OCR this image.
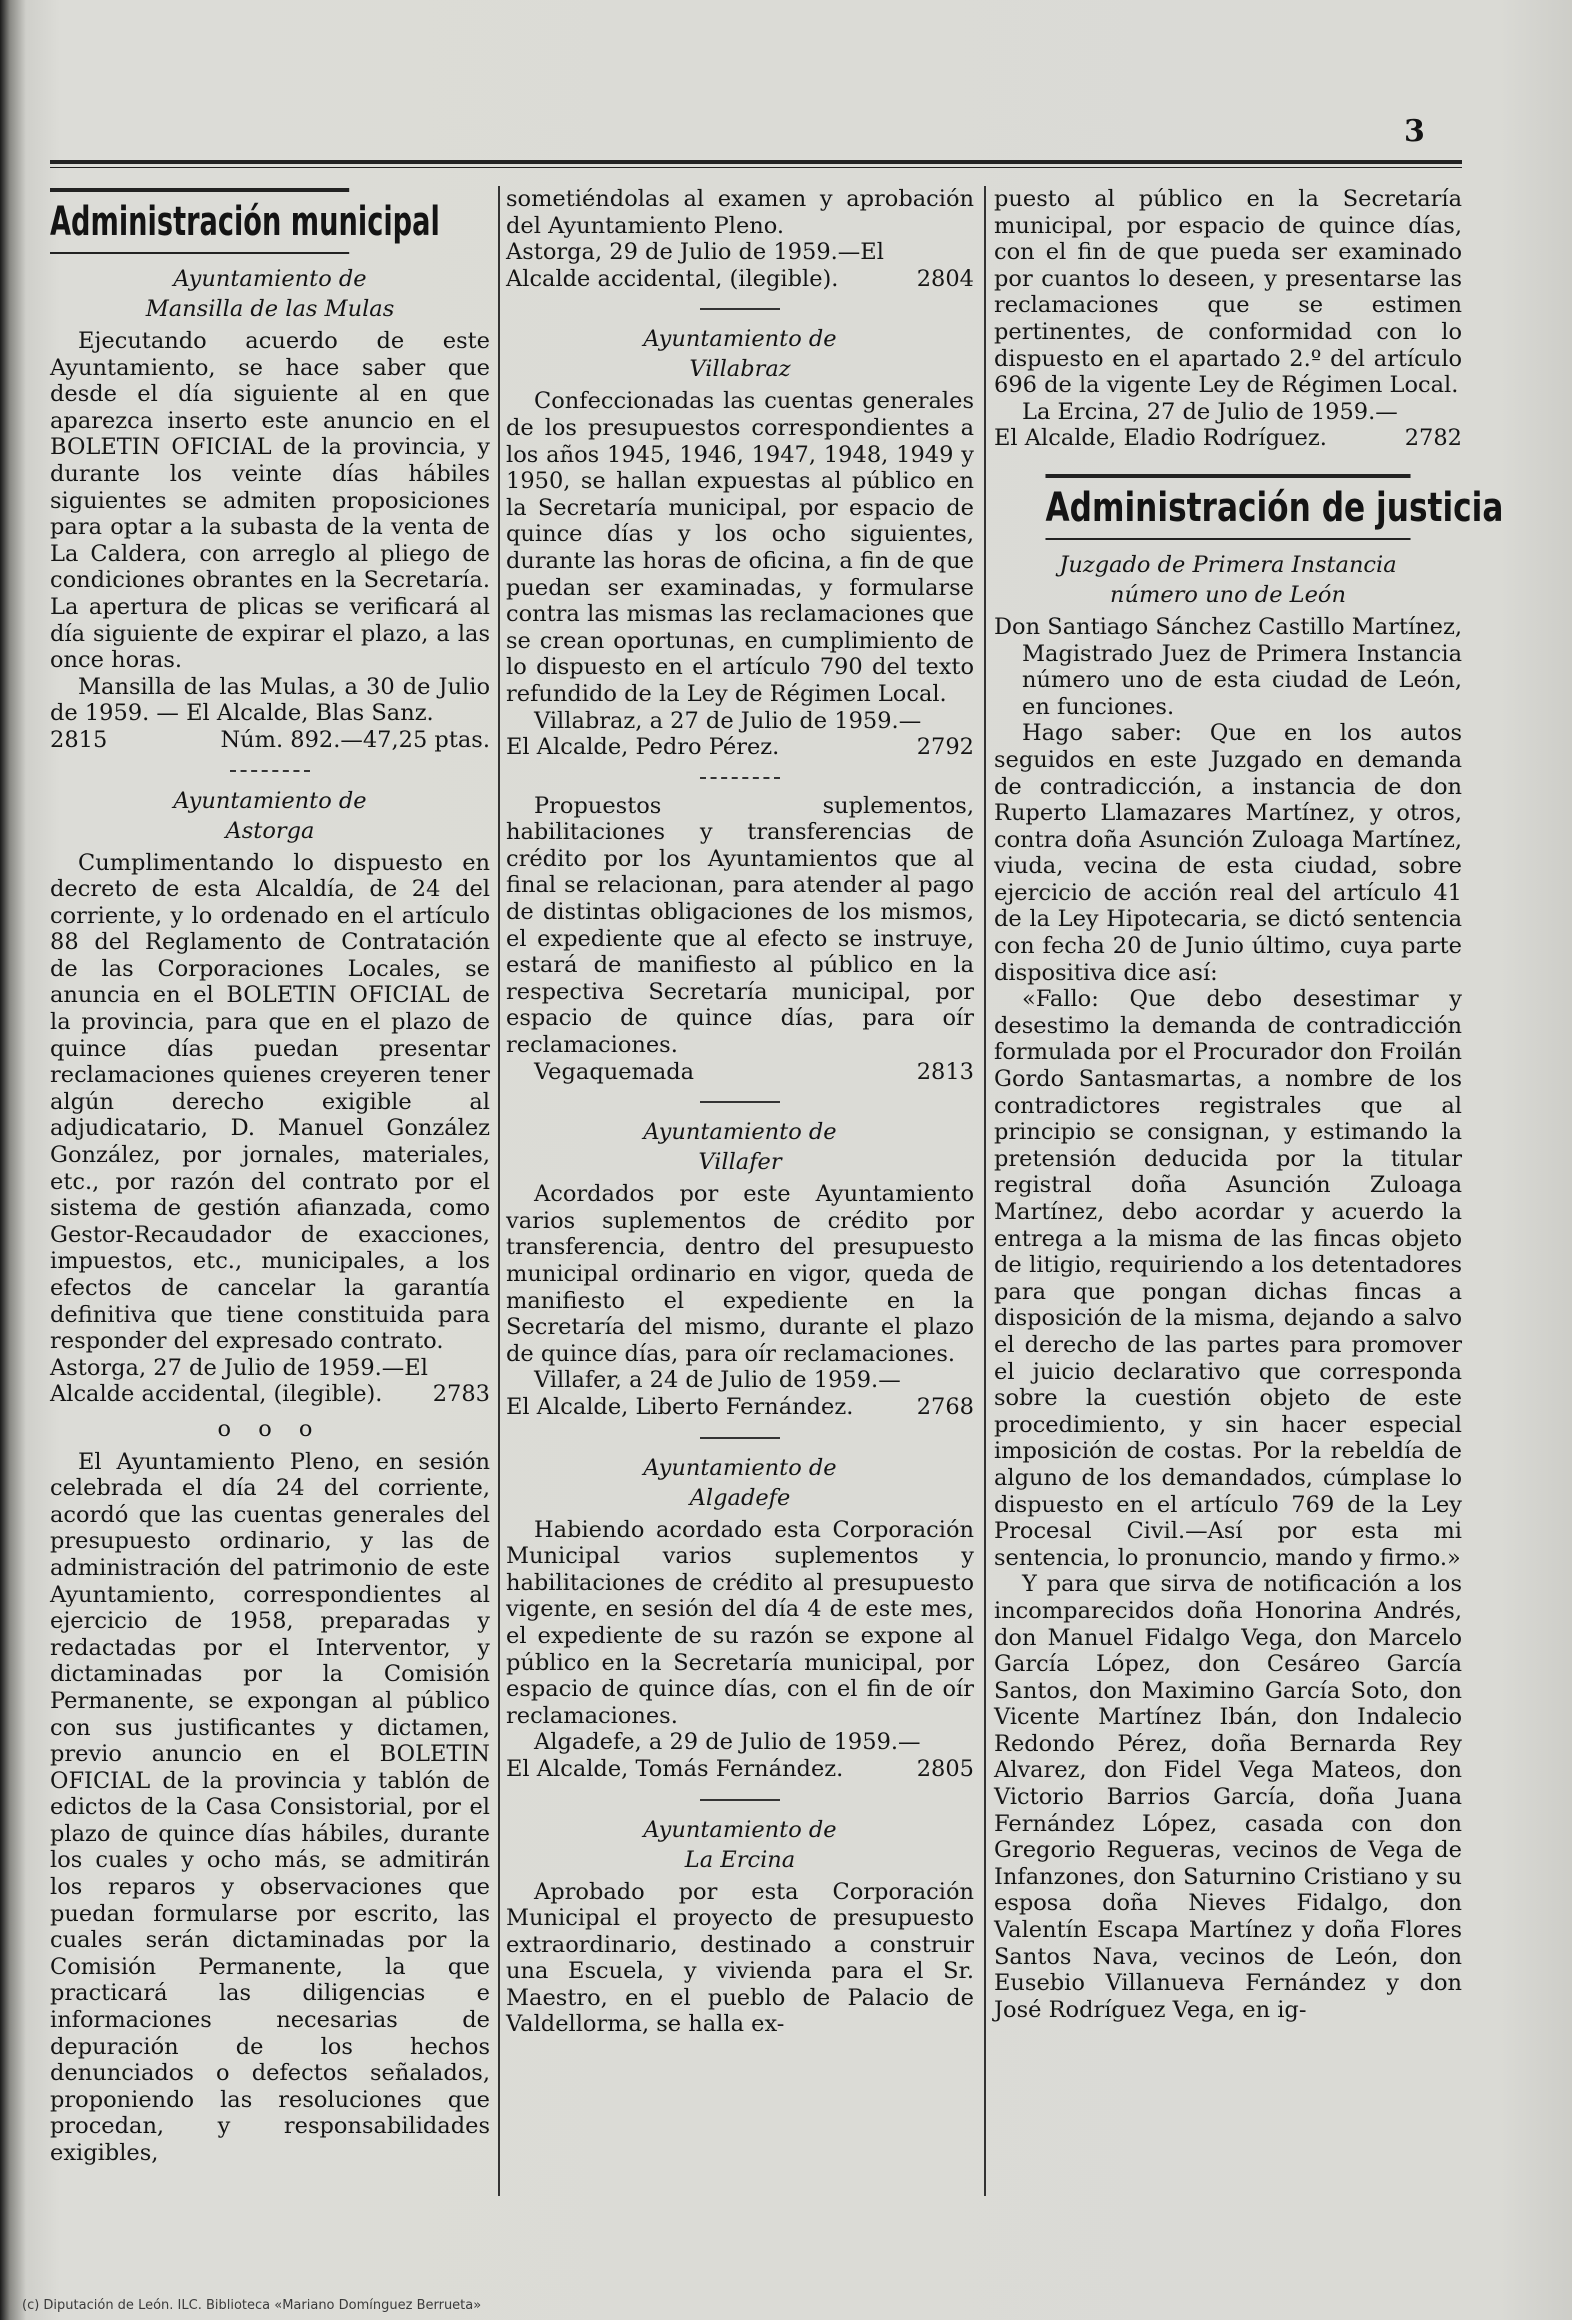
3
Administración municipal
Ayuntamiento de
Mansilla de las Mulas

Ejecutando acuerdo de este Ayuntamiento, se hace saber que desde el día siguiente al en que aparezca inserto este anuncio en el BOLETIN OFICIAL de la provincia, y durante los veinte días hábiles siguientes se admiten proposiciones para optar a la subasta de la venta de La Caldera, con arreglo al pliego de condiciones obrantes en la Secretaría. La apertura de plicas se verificará al día siguiente de expirar el plazo, a las once horas.

Mansilla de las Mulas, a 30 de Julio de 1959. — El Alcalde, Blas Sanz.

2815	Núm. 892.—47,25 ptas.
Ayuntamiento de
Astorga

Cumplimentando lo dispuesto en decreto de esta Alcaldía, de 24 del corriente, y lo ordenado en el artículo 88 del Reglamento de Contratación de las Corporaciones Locales, se anuncia en el BOLETIN OFICIAL de la provincia, para que en el plazo de quince días puedan presentar reclamaciones quienes creyeren tener algún derecho exigible al adjudicatario, D. Manuel González González, por jornales, materiales, etc., por razón del contrato por el sistema de gestión afianzada, como Gestor-Recaudador de exacciones, impuestos, etc., municipales, a los efectos de cancelar la garantía definitiva que tiene constituida para responder del expresado contrato.

Astorga, 27 de Julio de 1959.—El Alcalde accidental, (ilegible). 2783
o o o

El Ayuntamiento Pleno, en sesión celebrada el día 24 del corriente, acordó que las cuentas generales del presupuesto ordinario, y las de administración del patrimonio de este Ayuntamiento, correspondientes al ejercicio de 1958, preparadas y redactadas por el Interventor, y dictaminadas por la Comisión Permanente, se expongan al público con sus justificantes y dictamen, previo anuncio en el BOLETIN OFICIAL de la provincia y tablón de edictos de la Casa Consistorial, por el plazo de quince días hábiles, durante los cuales y ocho más, se admitirán los reparos y observaciones que puedan formularse por escrito, las cuales serán dictaminadas por la Comisión Permanente, la que practicará las diligencias e informaciones necesarias de depuración de los hechos denunciados o defectos señalados, proponiendo las resoluciones que procedan, y responsabilidades exigibles,

sometiéndolas al examen y aprobación del Ayuntamiento Pleno.

Astorga, 29 de Julio de 1959.—El Alcalde accidental, (ilegible).	2804
Ayuntamiento de
Villabraz

Confeccionadas las cuentas generales de los presupuestos correspondientes a los años 1945, 1946, 1947, 1948, 1949 y 1950, se hallan expuestas al público en la Secretaría municipal, por espacio de quince días y los ocho siguientes, durante las horas de oficina, a fin de que puedan ser examinadas, y formularse contra las mismas las reclamaciones que se crean oportunas, en cumplimiento de lo dispuesto en el artículo 790 del texto refundido de la Ley de Régimen Local.

Villabraz, a 27 de Julio de 1959.—

El Alcalde, Pedro Pérez.	2792

Propuestos suplementos, habilitaciones y transferencias de crédito por los Ayuntamientos que al final se relacionan, para atender al pago de distintas obligaciones de los mismos, el expediente que al efecto se instruye, estará de manifiesto al público en la respectiva Secretaría municipal, por espacio de quince días, para oír reclamaciones.

Vegaquemada	2813
Ayuntamiento de
Villafer

Acordados por este Ayuntamiento varios suplementos de crédito por transferencia, dentro del presupuesto municipal ordinario en vigor, queda de manifiesto el expediente en la Secretaría del mismo, durante el plazo de quince días, para oír reclamaciones.

Villafer, a 24 de Julio de 1959.—

El Alcalde, Liberto Fernández.	2768
Ayuntamiento de
Algadefe

Habiendo acordado esta Corporación Municipal varios suplementos y habilitaciones de crédito al presupuesto vigente, en sesión del día 4 de este mes, el expediente de su razón se expone al público en la Secretaría municipal, por espacio de quince días, con el fin de oír reclamaciones.

Algadefe, a 29 de Julio de 1959.—

El Alcalde, Tomás Fernández.	2805
Ayuntamiento de
La Ercina

Aprobado por esta Corporación Municipal el proyecto de presupuesto extraordinario, destinado a construir una Escuela, y vivienda para el Sr. Maestro, en el pueblo de Palacio de Valdellorma, se halla ex-

puesto al público en la Secretaría municipal, por espacio de quince días, con el fin de que pueda ser examinado por cuantos lo deseen, y presentarse las reclamaciones que se estimen pertinentes, de conformidad con lo dispuesto en el apartado 2.º del artículo 696 de la vigente Ley de Régimen Local.

La Ercina, 27 de Julio de 1959.—

El Alcalde, Eladio Rodríguez.	2782
Administración de justicia
Juzgado de Primera Instancia
número uno de León

Don Santiago Sánchez Castillo Martínez, Magistrado Juez de Primera Instancia número uno de esta ciudad de León, en funciones.

Hago saber: Que en los autos seguidos en este Juzgado en demanda de contradicción, a instancia de don Ruperto Llamazares Martínez, y otros, contra doña Asunción Zuloaga Martínez, viuda, vecina de esta ciudad, sobre ejercicio de acción real del artículo 41 de la Ley Hipotecaria, se dictó sentencia con fecha 20 de Junio último, cuya parte dispositiva dice así:

«Fallo: Que debo desestimar y desestimo la demanda de contradicción formulada por el Procurador don Froilán Gordo Santasmartas, a nombre de los contradictores registrales que al principio se consignan, y estimando la pretensión deducida por la titular registral doña Asunción Zuloaga Martínez, debo acordar y acuerdo la entrega a la misma de las fincas objeto de litigio, requiriendo a los detentadores para que pongan dichas fincas a disposición de la misma, dejando a salvo el derecho de las partes para promover el juicio declarativo que corresponda sobre la cuestión objeto de este procedimiento, y sin hacer especial imposición de costas. Por la rebeldía de alguno de los demandados, cúmplase lo dispuesto en el artículo 769 de la Ley Procesal Civil.—Así por esta mi sentencia, lo pronuncio, mando y firmo.»

Y para que sirva de notificación a los incomparecidos doña Honorina Andrés, don Manuel Fidalgo Vega, don Marcelo García López, don Cesáreo García Santos, don Maximino García Soto, don Vicente Martínez Ibán, don Indalecio Redondo Pérez, doña Bernarda Rey Alvarez, don Fidel Vega Mateos, don Victorio Barrios García, doña Juana Fernández López, casada con don Gregorio Regueras, vecinos de Vega de Infanzones, don Saturnino Cristiano y su esposa doña Nieves Fidalgo, don Valentín Escapa Martínez y doña Flores Santos Nava, vecinos de León, don Eusebio Villanueva Fernández y don José Rodríguez Vega, en ig-

(c) Diputación de León. ILC. Biblioteca «Mariano Domínguez Berrueta»
